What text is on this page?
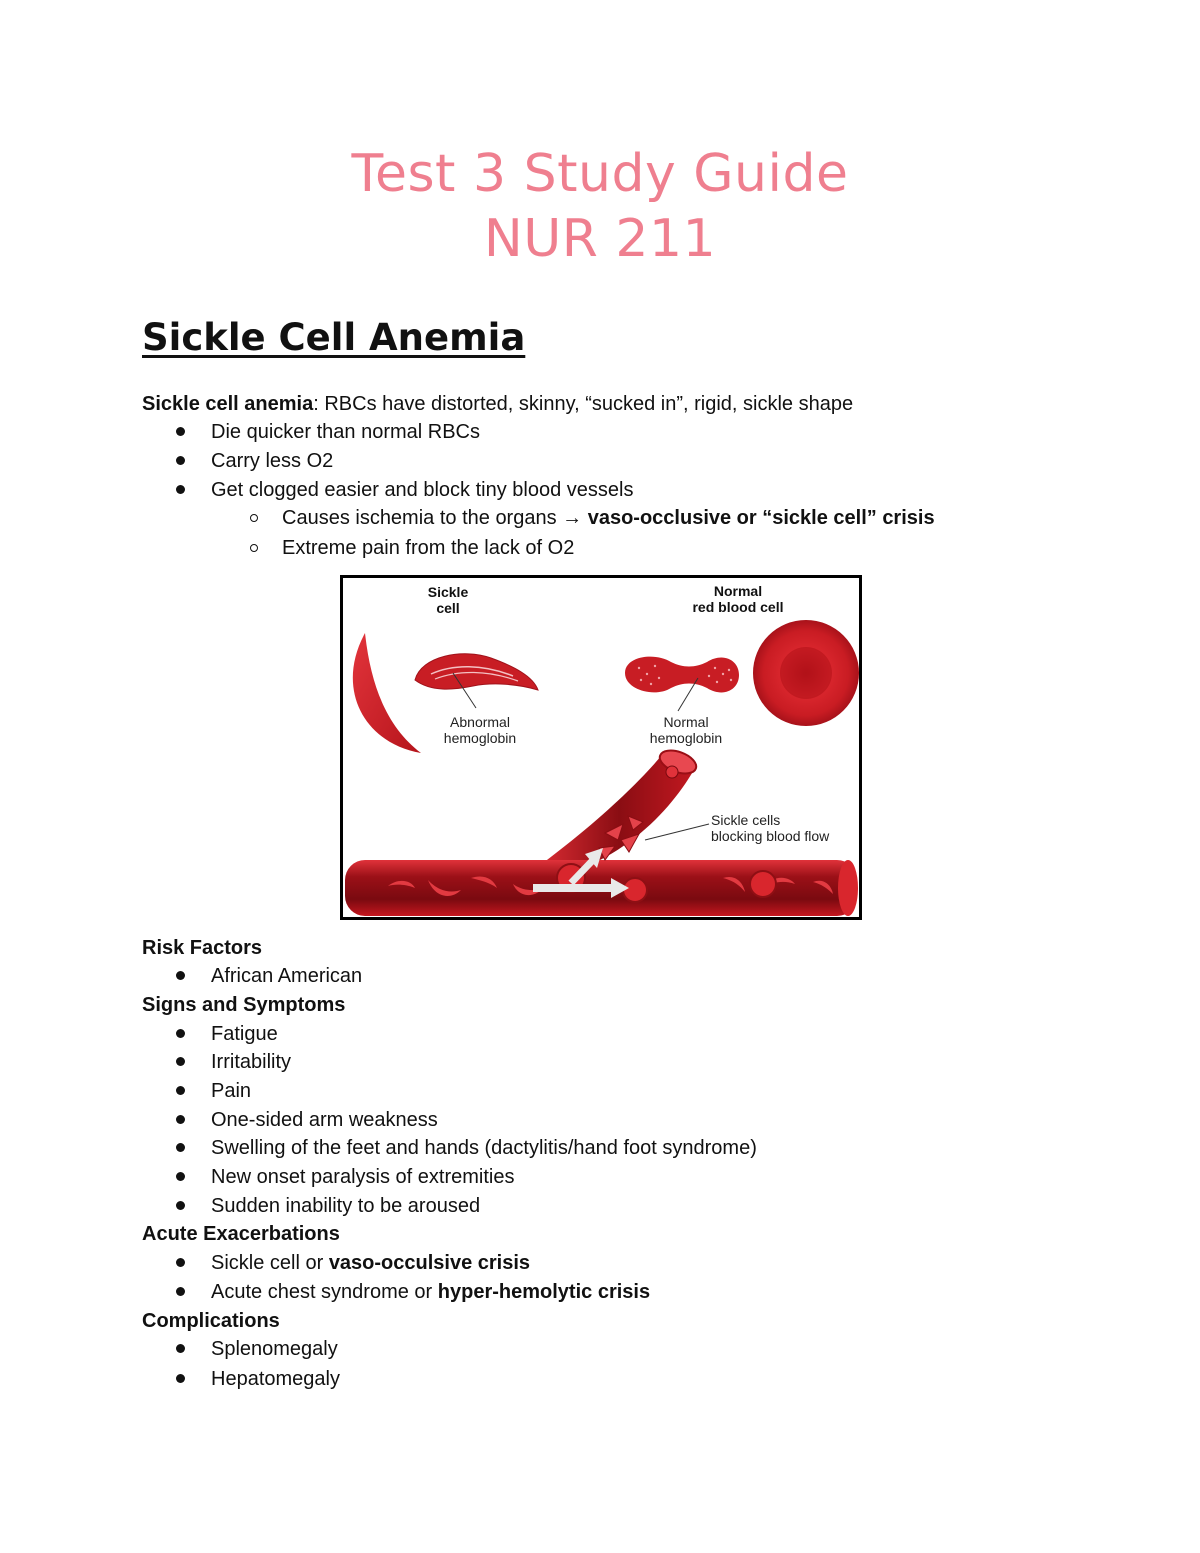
Test 3 Study Guide
NUR 211
Sickle Cell Anemia
Sickle cell anemia: RBCs have distorted, skinny, “sucked in”, rigid, sickle shape
Die quicker than normal RBCs
Carry less O2
Get clogged easier and block tiny blood vessels
Causes ischemia to the organs → vaso-occlusive or “sickle cell” crisis
Extreme pain from the lack of O2
Sickle
cell
Normal
red blood cell
Abnormal
hemoglobin
Normal
hemoglobin
Sickle cells
blocking blood flow
Risk Factors
African American
Signs and Symptoms
Fatigue
Irritability
Pain
One-sided arm weakness
Swelling of the feet and hands (dactylitis/hand foot syndrome)
New onset paralysis of extremities
Sudden inability to be aroused
Acute Exacerbations
Sickle cell or vaso-occulsive crisis
Acute chest syndrome or hyper-hemolytic crisis
Complications
Splenomegaly
Hepatomegaly
